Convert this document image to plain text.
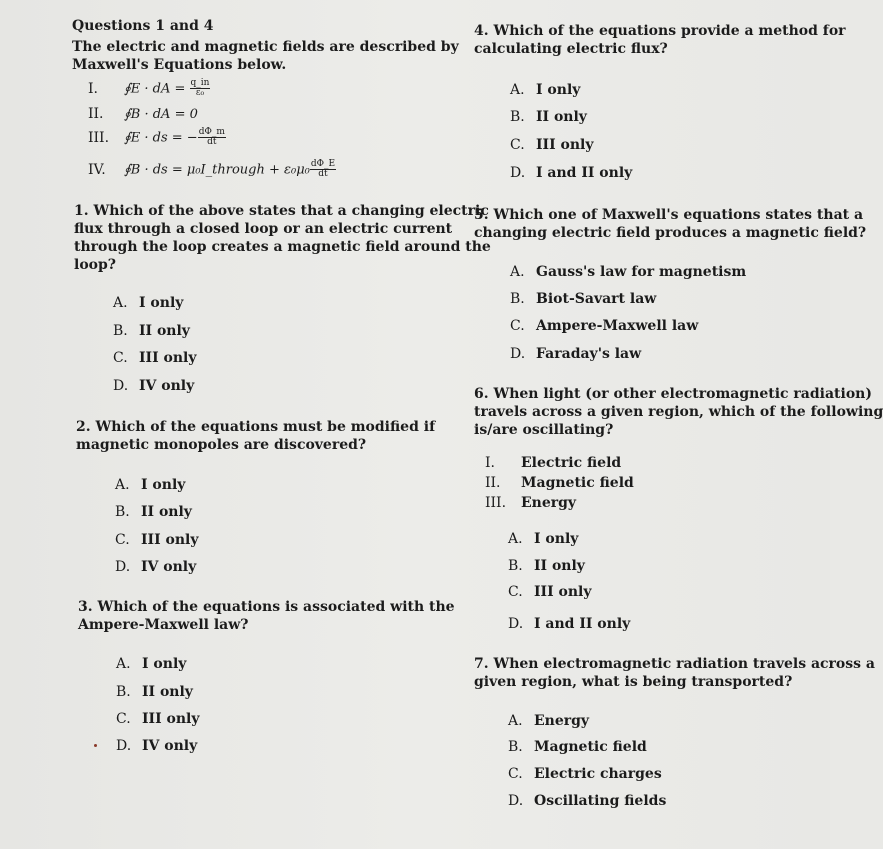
Questions 1 and 4
The electric and magnetic fields are described by
Maxwell's Equations below.
I. ∮E · dA = $\frac{q\_in}{\text{ε₀}}$
II. ∮B · dA = 0
III. ∮E · ds = − $\frac{d\Phi\_m}{dt}$
IV. ∮B · ds = μ₀I_through + $\varepsilon_0\mu_0 \frac{d\Phi\_E}{dt}$
1. Which of the above states that a changing electric
flux through a closed loop or an electric current
through the loop creates a magnetic field around the
loop?
A. I only
B. II only
C. III only
D. IV only
2. Which of the equations must be modified if
magnetic monopoles are discovered?
A. I only
B. II only
C. III only
D. IV only
3. Which of the equations is associated with the
Ampere-Maxwell law?
A. I only
B. II only
C. III only
D. IV only
4. Which of the equations provide a method for
calculating electric flux?
A. I only
B. II only
C. III only
D. I and II only
5. Which one of Maxwell's equations states that a
changing electric field produces a magnetic field?
A. Gauss's law for magnetism
B. Biot-Savart law
C. Ampere-Maxwell law
D. Faraday's law
6. When light (or other electromagnetic radiation)
travels across a given region, which of the following
is/are oscillating?
I. Electric field
II. Magnetic field
III. Energy
A. I only
B. II only
C. III only
D. I and II only
7. When electromagnetic radiation travels across a
given region, what is being transported?
A. Energy
B. Magnetic field
C. Electric charges
D. Oscillating fields
